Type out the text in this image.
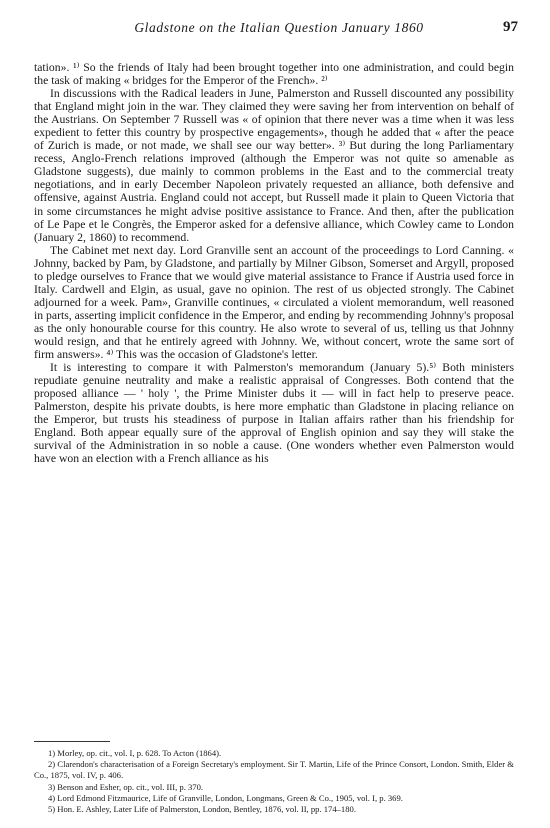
Gladstone on the Italian Question January 1860	97

tation». ¹⁾ So the friends of Italy had been brought together into one administration, and could begin the task of making « bridges for the Emperor of the French». ²⁾

In discussions with the Radical leaders in June, Palmerston and Russell discounted any possibility that England might join in the war. They claimed they were saving her from intervention on behalf of the Austrians. On September 7 Russell was « of opinion that there never was a time when it was less expedient to fetter this country by prospective engagements», though he added that « after the peace of Zurich is made, or not made, we shall see our way better». ³⁾ But during the long Parliamentary recess, Anglo-French relations improved (although the Emperor was not quite so amenable as Gladstone suggests), due mainly to common problems in the East and to the commercial treaty negotiations, and in early December Napoleon privately requested an alliance, both defensive and offensive, against Austria. England could not accept, but Russell made it plain to Queen Victoria that in some circumstances he might advise positive assistance to France. And then, after the publication of Le Pape et le Congrès, the Emperor asked for a defensive alliance, which Cowley came to London (January 2, 1860) to recommend.

The Cabinet met next day. Lord Granville sent an account of the proceedings to Lord Canning. « Johnny, backed by Pam, by Gladstone, and partially by Milner Gibson, Somerset and Argyll, proposed to pledge ourselves to France that we would give material assistance to France if Austria used force in Italy. Cardwell and Elgin, as usual, gave no opinion. The rest of us objected strongly. The Cabinet adjourned for a week. Pam», Granville continues, « circulated a violent memorandum, well reasoned in parts, asserting implicit confidence in the Emperor, and ending by recommending Johnny's proposal as the only honourable course for this country. He also wrote to several of us, telling us that Johnny would resign, and that he entirely agreed with Johnny. We, without concert, wrote the same sort of firm answers». ⁴⁾ This was the occasion of Gladstone's letter.

It is interesting to compare it with Palmerston's memorandum (January 5).⁵⁾ Both ministers repudiate genuine neutrality and make a realistic appraisal of Congresses. Both contend that the proposed alliance — ' holy ', the Prime Minister dubs it — will in fact help to preserve peace. Palmerston, despite his private doubts, is here more emphatic than Gladstone in placing reliance on the Emperor, but trusts his steadiness of purpose in Italian affairs rather than his friendship for England. Both appear equally sure of the approval of English opinion and say they will stake the survival of the Administration in so noble a cause. (One wonders whether even Palmerston would have won an election with a French alliance as his

1) Morley, op. cit., vol. I, p. 628. To Acton (1864).

2) Clarendon's characterisation of a Foreign Secretary's employment. Sir T. Martin, Life of the Prince Consort, London. Smith, Elder & Co., 1875, vol. IV, p. 406.

3) Benson and Esher, op. cit., vol. III, p. 370.

4) Lord Edmond Fitzmaurice, Life of Granville, London, Longmans, Green & Co., 1905, vol. I, p. 369.

5) Hon. E. Ashley, Later Life of Palmerston, London, Bentley, 1876, vol. II, pp. 174–180.
